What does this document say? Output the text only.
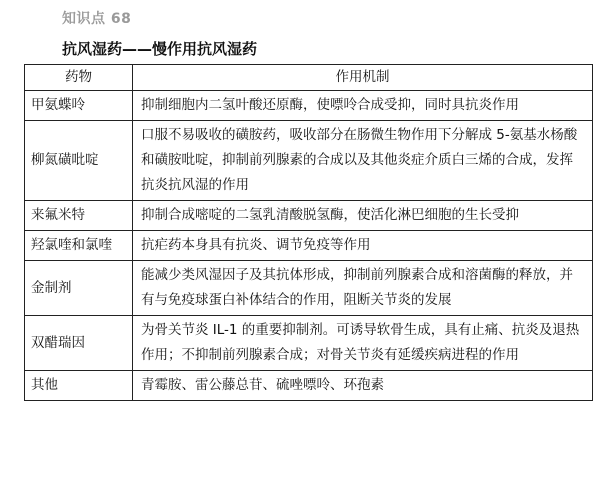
知识点 68
抗风湿药——慢作用抗风湿药
药物	作用机制
甲氨蝶呤	抑制细胞内二氢叶酸还原酶，使嘌呤合成受抑，同时具抗炎作用
柳氮磺吡啶	口服不易吸收的磺胺药，吸收部分在肠微生物作用下分解成 5-氨基水杨酸和磺胺吡啶，抑制前列腺素的合成以及其他炎症介质白三烯的合成，发挥抗炎抗风湿的作用
来氟米特	抑制合成嘧啶的二氢乳清酸脱氢酶，使活化淋巴细胞的生长受抑
羟氯喹和氯喹	抗疟药本身具有抗炎、调节免疫等作用
金制剂	能减少类风湿因子及其抗体形成，抑制前列腺素合成和溶菌酶的释放，并有与免疫球蛋白补体结合的作用，阻断关节炎的发展
双醋瑞因	为骨关节炎 IL-1 的重要抑制剂。可诱导软骨生成，具有止痛、抗炎及退热作用；不抑制前列腺素合成；对骨关节炎有延缓疾病进程的作用
其他	青霉胺、雷公藤总苷、硫唑嘌呤、环孢素
